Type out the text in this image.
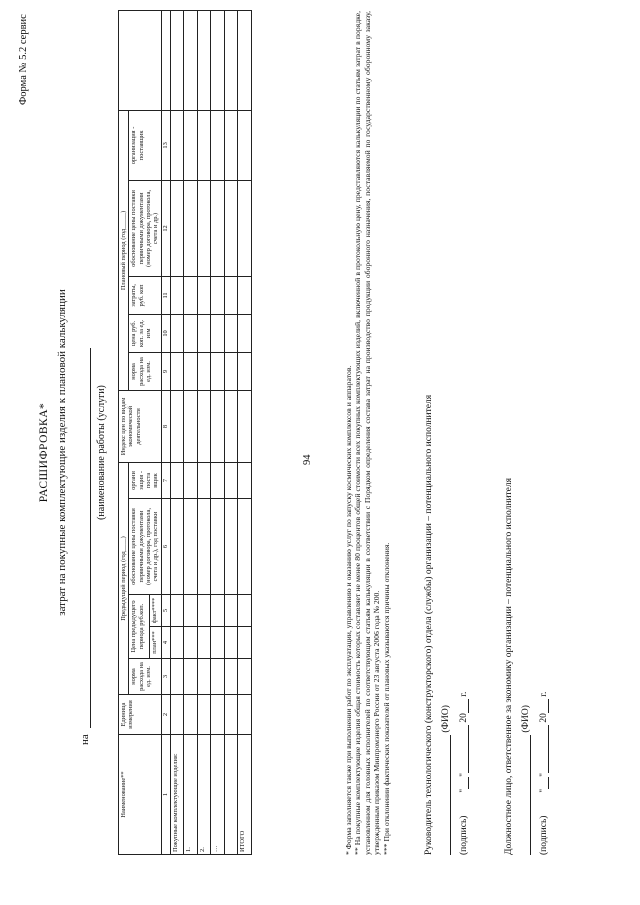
Форма № 5.2 сервис
94
РАСШИФРОВКА* затрат на покупные комплектующие изделия к плановой калькуляции
на
(наименование работы (услуги)
Наименование**	Единица измерения	Предыдущий период (год____)					Индекс цен по видам экономической деятельности	Плановый период (год_____)					
		норма расхода на ед. изм.	Цена предыдущего периода руб.коп.		обоснование цены поставки первичными документами (номер договора, протокола, счета и др.), год поставки	органи зация - поста вщик		норма расхода на ед. изм.	цена руб. коп. за ед. изм	затраты, руб. коп	обоснование цены поставки первичными документами (номер договора, протокола, счета и др.)	организация - поставщик	
			план***	факт****									
1	2	3	4	5	6	7	8	9	10	11	12	13	
Покупные комплектующие изделия:													
1.													
2.													
…													

ИТОГО														* Форма заполняется также при выполнении работ по эксплуатации, управлению и оказанию услуг по запуску космических комплексов и аппаратов. ** На покупные комплектующие изделия общая стоимость которых составляет не менее 80 процентов общей стоимости всех покупных комплектующих изделий, включенной в протокольную цену, представляются калькуляции по статьям затрат в порядке, установленном для головных исполнителей по соответствующим статьям калькуляции в соответствии с Порядком определения состава затрат на производство продукции оборонного назначения, поставляемой по государственному оборонному заказу, утвержденным приказом Минпромэнерго России от 23 августа 2006 года № 200. *** При отклонении фактических показателей от плановых указываются причины отклонения.	Руководитель технологического (конструкторского) отдела (службы) организации – потенциального исполнителя (ФИО)
(подпись)  "" 20 г.	Должностное лицо, ответственное за экономику организации – потенциального исполнителя (ФИО)
(подпись)  "" 20 г.
